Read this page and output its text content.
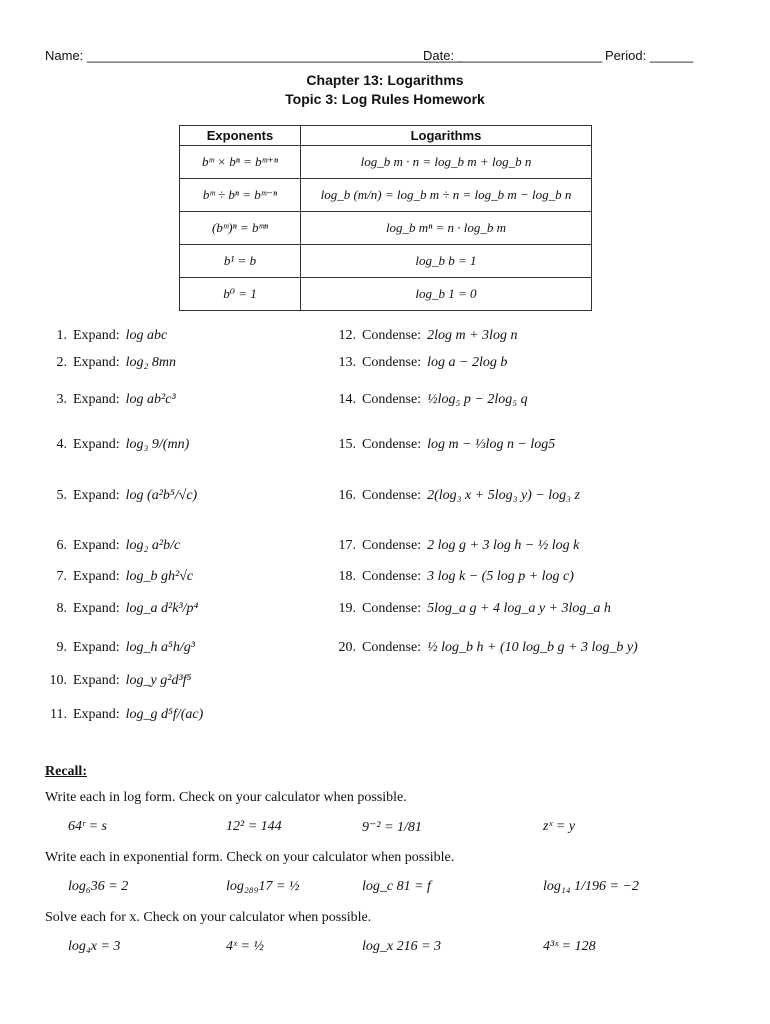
Name: ____________________________________________________
Date: ____________________ Period: ______
Chapter 13: Logarithms
Topic 3: Log Rules Homework
Exponents	Logarithms
bᵐ × bⁿ = bᵐ⁺ⁿ	log_b m · n = log_b m + log_b n
bᵐ ÷ bⁿ = bᵐ⁻ⁿ	log_b (m/n) = log_b m ÷ n = log_b m − log_b n
(bᵐ)ⁿ = bᵐⁿ	log_b mⁿ = n · log_b m
b¹ = b	log_b b = 1
b⁰ = 1	log_b 1 = 0
1. Expand: log abc
2. Expand: log₂ 8mn
3. Expand: log ab²c³
4. Expand: log₃ 9/(mn)
5. Expand: log (a²b⁵/√c)
6. Expand: log₂ a²b/c
7. Expand: log_b gh²√c
8. Expand: log_a d²k³/p⁴
9. Expand: log_h a⁵h/g³
10. Expand: log_y g²d³f⁵
11. Expand: log_g d⁵f/(ac)
12. Condense: 2log m + 3log n
13. Condense: log a − 2log b
14. Condense: ½log₅ p − 2log₅ q
15. Condense: log m − ⅓log n − log5
16. Condense: 2(log₃ x + 5log₃ y) − log₃ z
17. Condense: 2 log g + 3 log h − ½ log k
18. Condense: 3 log k − (5 log p + log c)
19. Condense: 5log_a g + 4 log_a y + 3log_a h
20. Condense: ½ log_b h + (10 log_b g + 3 log_b y)
Recall:
Write each in log form. Check on your calculator when possible.
64ʳ = s	12² = 144	9⁻² = 1/81	zˣ = y
Write each in exponential form. Check on your calculator when possible.
log₆36 = 2	log₂₈₉17 = ½	log_c 81 = f	log₁₄ 1/196 = −2
Solve each for x. Check on your calculator when possible.
log₄x = 3	4ˣ = ½	log_x 216 = 3	4³ˣ = 128
